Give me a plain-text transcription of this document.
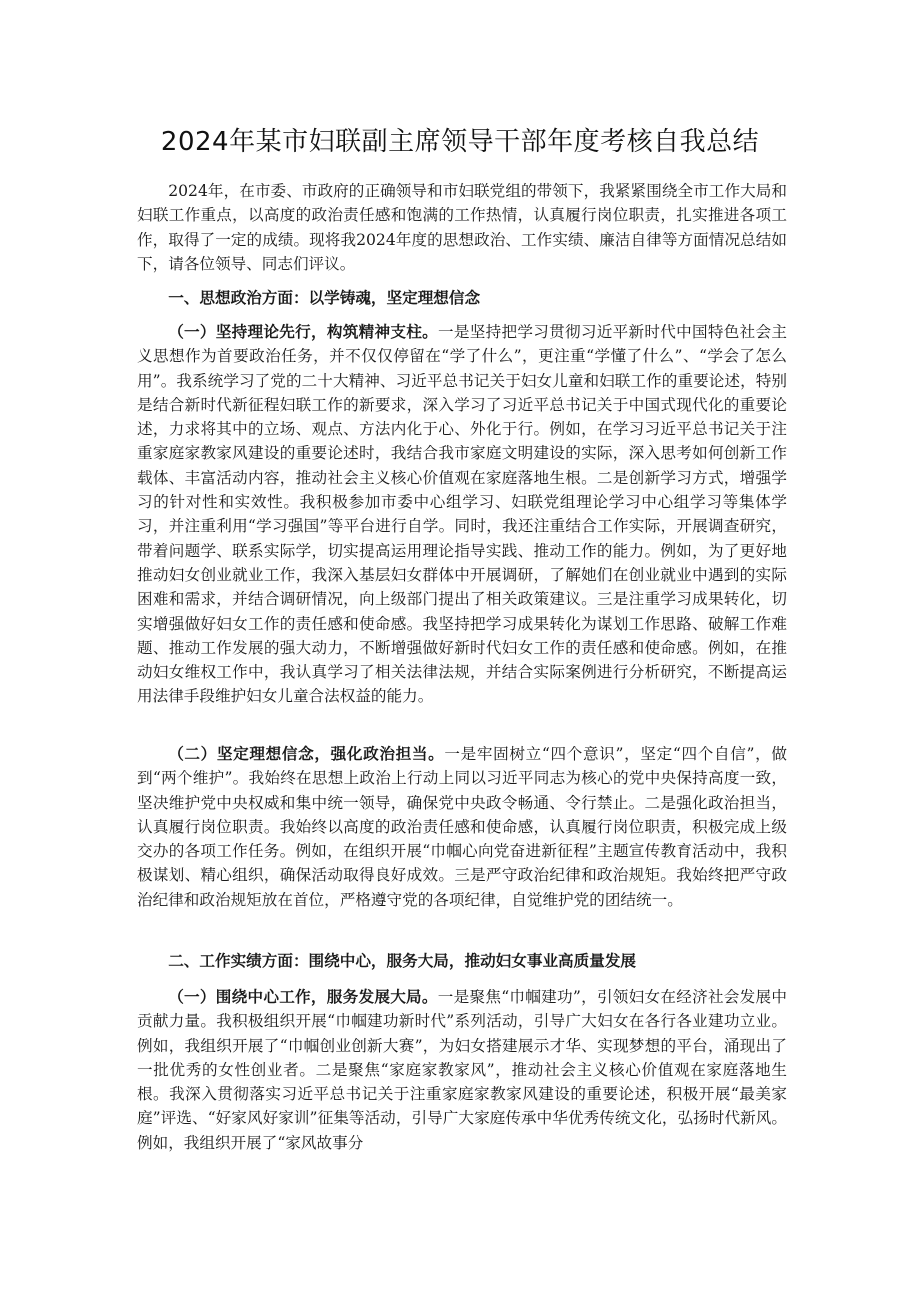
2024年某市妇联副主席领导干部年度考核自我总结

2024年，在市委、市政府的正确领导和市妇联党组的带领下，我紧紧围绕全市工作大局和妇联工作重点，以高度的政治责任感和饱满的工作热情，认真履行岗位职责，扎实推进各项工作，取得了一定的成绩。现将我2024年度的思想政治、工作实绩、廉洁自律等方面情况总结如下，请各位领导、同志们评议。

一、思想政治方面：以学铸魂，坚定理想信念

（一）坚持理论先行，构筑精神支柱。一是坚持把学习贯彻习近平新时代中国特色社会主义思想作为首要政治任务，并不仅仅停留在“学了什么”，更注重“学懂了什么”、“学会了怎么用”。我系统学习了党的二十大精神、习近平总书记关于妇女儿童和妇联工作的重要论述，特别是结合新时代新征程妇联工作的新要求，深入学习了习近平总书记关于中国式现代化的重要论述，力求将其中的立场、观点、方法内化于心、外化于行。例如，在学习习近平总书记关于注重家庭家教家风建设的重要论述时，我结合我市家庭文明建设的实际，深入思考如何创新工作载体、丰富活动内容，推动社会主义核心价值观在家庭落地生根。二是创新学习方式，增强学习的针对性和实效性。我积极参加市委中心组学习、妇联党组理论学习中心组学习等集体学习，并注重利用“学习强国”等平台进行自学。同时，我还注重结合工作实际，开展调查研究，带着问题学、联系实际学，切实提高运用理论指导实践、推动工作的能力。例如，为了更好地推动妇女创业就业工作，我深入基层妇女群体中开展调研，了解她们在创业就业中遇到的实际困难和需求，并结合调研情况，向上级部门提出了相关政策建议。三是注重学习成果转化，切实增强做好妇女工作的责任感和使命感。我坚持把学习成果转化为谋划工作思路、破解工作难题、推动工作发展的强大动力，不断增强做好新时代妇女工作的责任感和使命感。例如，在推动妇女维权工作中，我认真学习了相关法律法规，并结合实际案例进行分析研究，不断提高运用法律手段维护妇女儿童合法权益的能力。

（二）坚定理想信念，强化政治担当。一是牢固树立“四个意识”，坚定“四个自信”，做到“两个维护”。我始终在思想上政治上行动上同以习近平同志为核心的党中央保持高度一致，坚决维护党中央权威和集中统一领导，确保党中央政令畅通、令行禁止。二是强化政治担当，认真履行岗位职责。我始终以高度的政治责任感和使命感，认真履行岗位职责，积极完成上级交办的各项工作任务。例如，在组织开展“巾帼心向党奋进新征程”主题宣传教育活动中，我积极谋划、精心组织，确保活动取得良好成效。三是严守政治纪律和政治规矩。我始终把严守政治纪律和政治规矩放在首位，严格遵守党的各项纪律，自觉维护党的团结统一。

二、工作实绩方面：围绕中心，服务大局，推动妇女事业高质量发展

（一）围绕中心工作，服务发展大局。一是聚焦“巾帼建功”，引领妇女在经济社会发展中贡献力量。我积极组织开展“巾帼建功新时代”系列活动，引导广大妇女在各行各业建功立业。例如，我组织开展了“巾帼创业创新大赛”，为妇女搭建展示才华、实现梦想的平台，涌现出了一批优秀的女性创业者。二是聚焦“家庭家教家风”，推动社会主义核心价值观在家庭落地生根。我深入贯彻落实习近平总书记关于注重家庭家教家风建设的重要论述，积极开展“最美家庭”评选、“好家风好家训”征集等活动，引导广大家庭传承中华优秀传统文化，弘扬时代新风。例如，我组织开展了“家风故事分
